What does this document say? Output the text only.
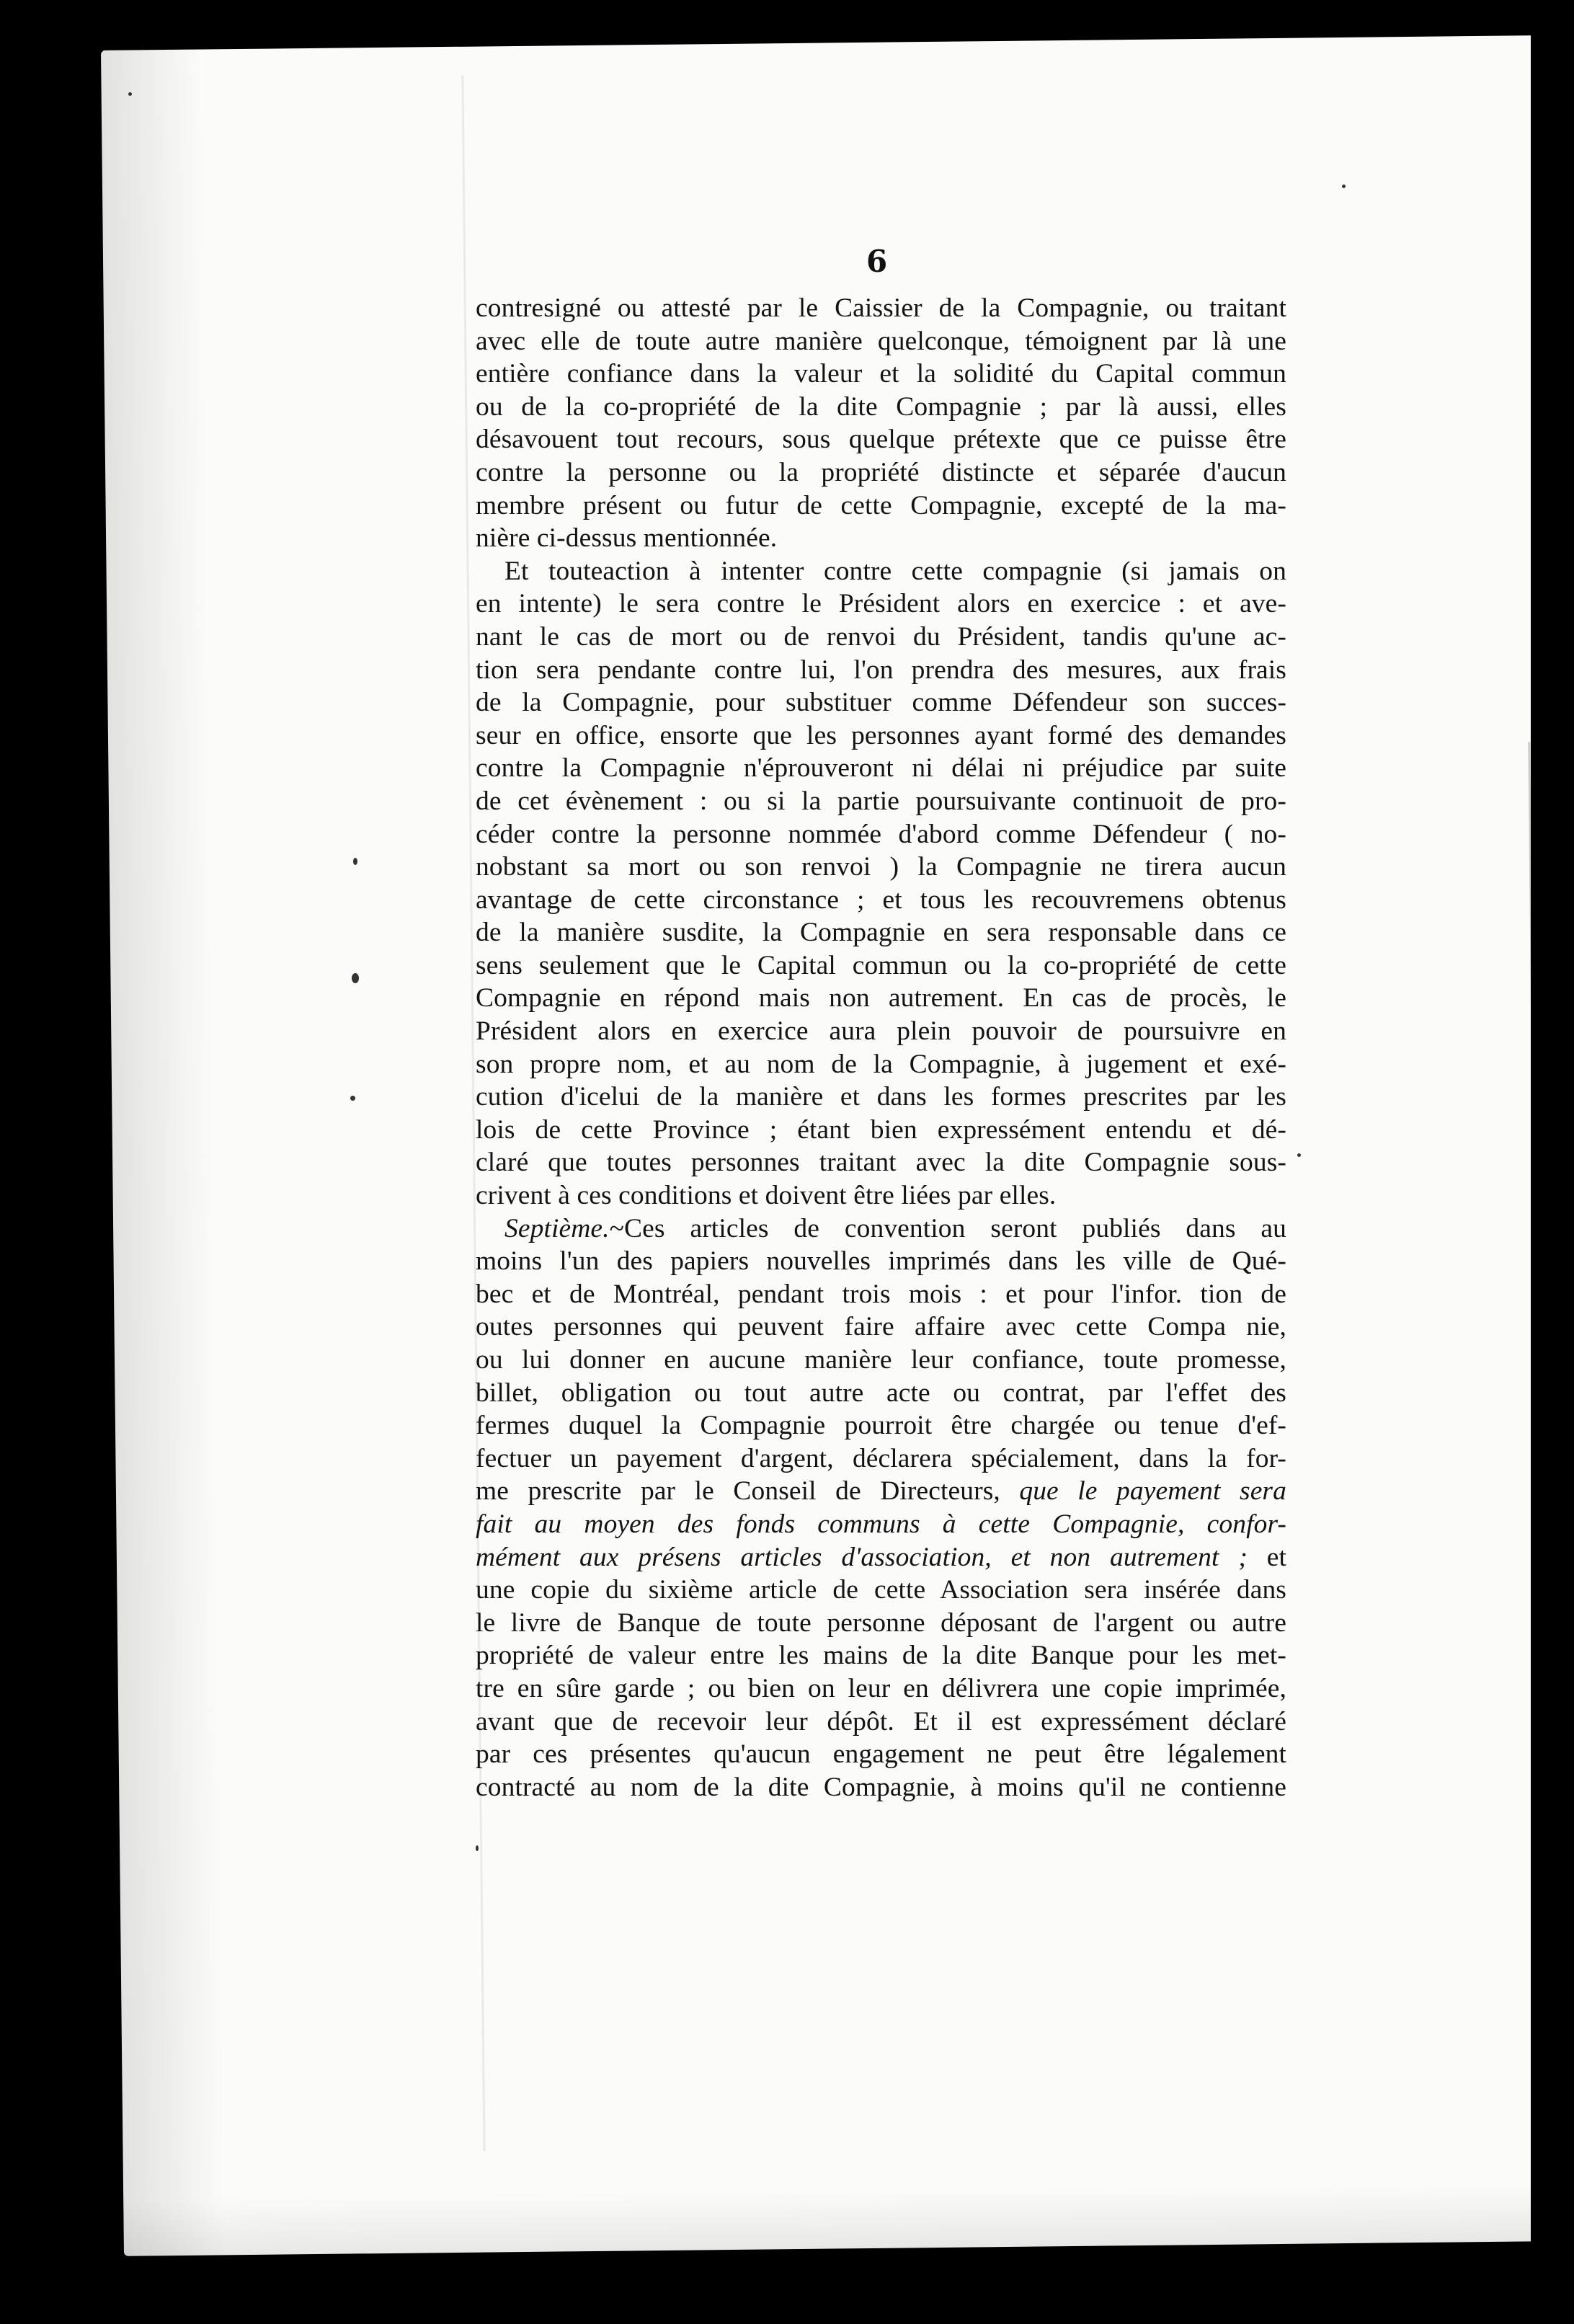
6
contresigné ou attesté par le Caissier de la Compagnie, ou traitant
avec elle de toute autre manière quelconque, témoignent par là une
entière confiance dans la valeur et la solidité du Capital commun
ou de la co-propriété de la dite Compagnie ; par là aussi, elles
désavouent tout recours, sous quelque prétexte que ce puisse être
contre la personne ou la propriété distincte et séparée d'aucun
membre présent ou futur de cette Compagnie, excepté de la ma-
nière ci-dessus mentionnée.
Et touteaction à intenter contre cette compagnie (si jamais on
en intente) le sera contre le Président alors en exercice : et ave-
nant le cas de mort ou de renvoi du Président, tandis qu'une ac-
tion sera pendante contre lui, l'on prendra des mesures, aux frais
de la Compagnie, pour substituer comme Défendeur son succes-
seur en office, ensorte que les personnes ayant formé des demandes
contre la Compagnie n'éprouveront ni délai ni préjudice par suite
de cet évènement : ou si la partie poursuivante continuoit de pro-
céder contre la personne nommée d'abord comme Défendeur ( no-
nobstant sa mort ou son renvoi ) la Compagnie ne tirera aucun
avantage de cette circonstance ; et tous les recouvremens obtenus
de la manière susdite, la Compagnie en sera responsable dans ce
sens seulement que le Capital commun ou la co-propriété de cette
Compagnie en répond mais non autrement. En cas de procès, le
Président alors en exercice aura plein pouvoir de poursuivre en
son propre nom, et au nom de la Compagnie, à jugement et exé-
cution d'icelui de la manière et dans les formes prescrites par les
lois de cette Province ; étant bien expressément entendu et dé-
claré que toutes personnes traitant avec la dite Compagnie sous-
crivent à ces conditions et doivent être liées par elles.
Septième.~Ces articles de convention seront publiés dans au
moins l'un des papiers nouvelles imprimés dans les ville de Qué-
bec et de Montréal, pendant trois mois : et pour l'infor. tion de
outes personnes qui peuvent faire affaire avec cette Compa nie,
ou lui donner en aucune manière leur confiance, toute promesse,
billet, obligation ou tout autre acte ou contrat, par l'effet des
fermes duquel la Compagnie pourroit être chargée ou tenue d'ef-
fectuer un payement d'argent, déclarera spécialement, dans la for-
me prescrite par le Conseil de Directeurs, que le payement sera
fait au moyen des fonds communs à cette Compagnie, confor-
mément aux présens articles d'association, et non autrement ; et
une copie du sixième article de cette Association sera insérée dans
le livre de Banque de toute personne déposant de l'argent ou autre
propriété de valeur entre les mains de la dite Banque pour les met-
tre en sûre garde ; ou bien on leur en délivrera une copie imprimée,
avant que de recevoir leur dépôt. Et il est expressément déclaré
par ces présentes qu'aucun engagement ne peut être légalement
contracté au nom de la dite Compagnie, à moins qu'il ne contienne
